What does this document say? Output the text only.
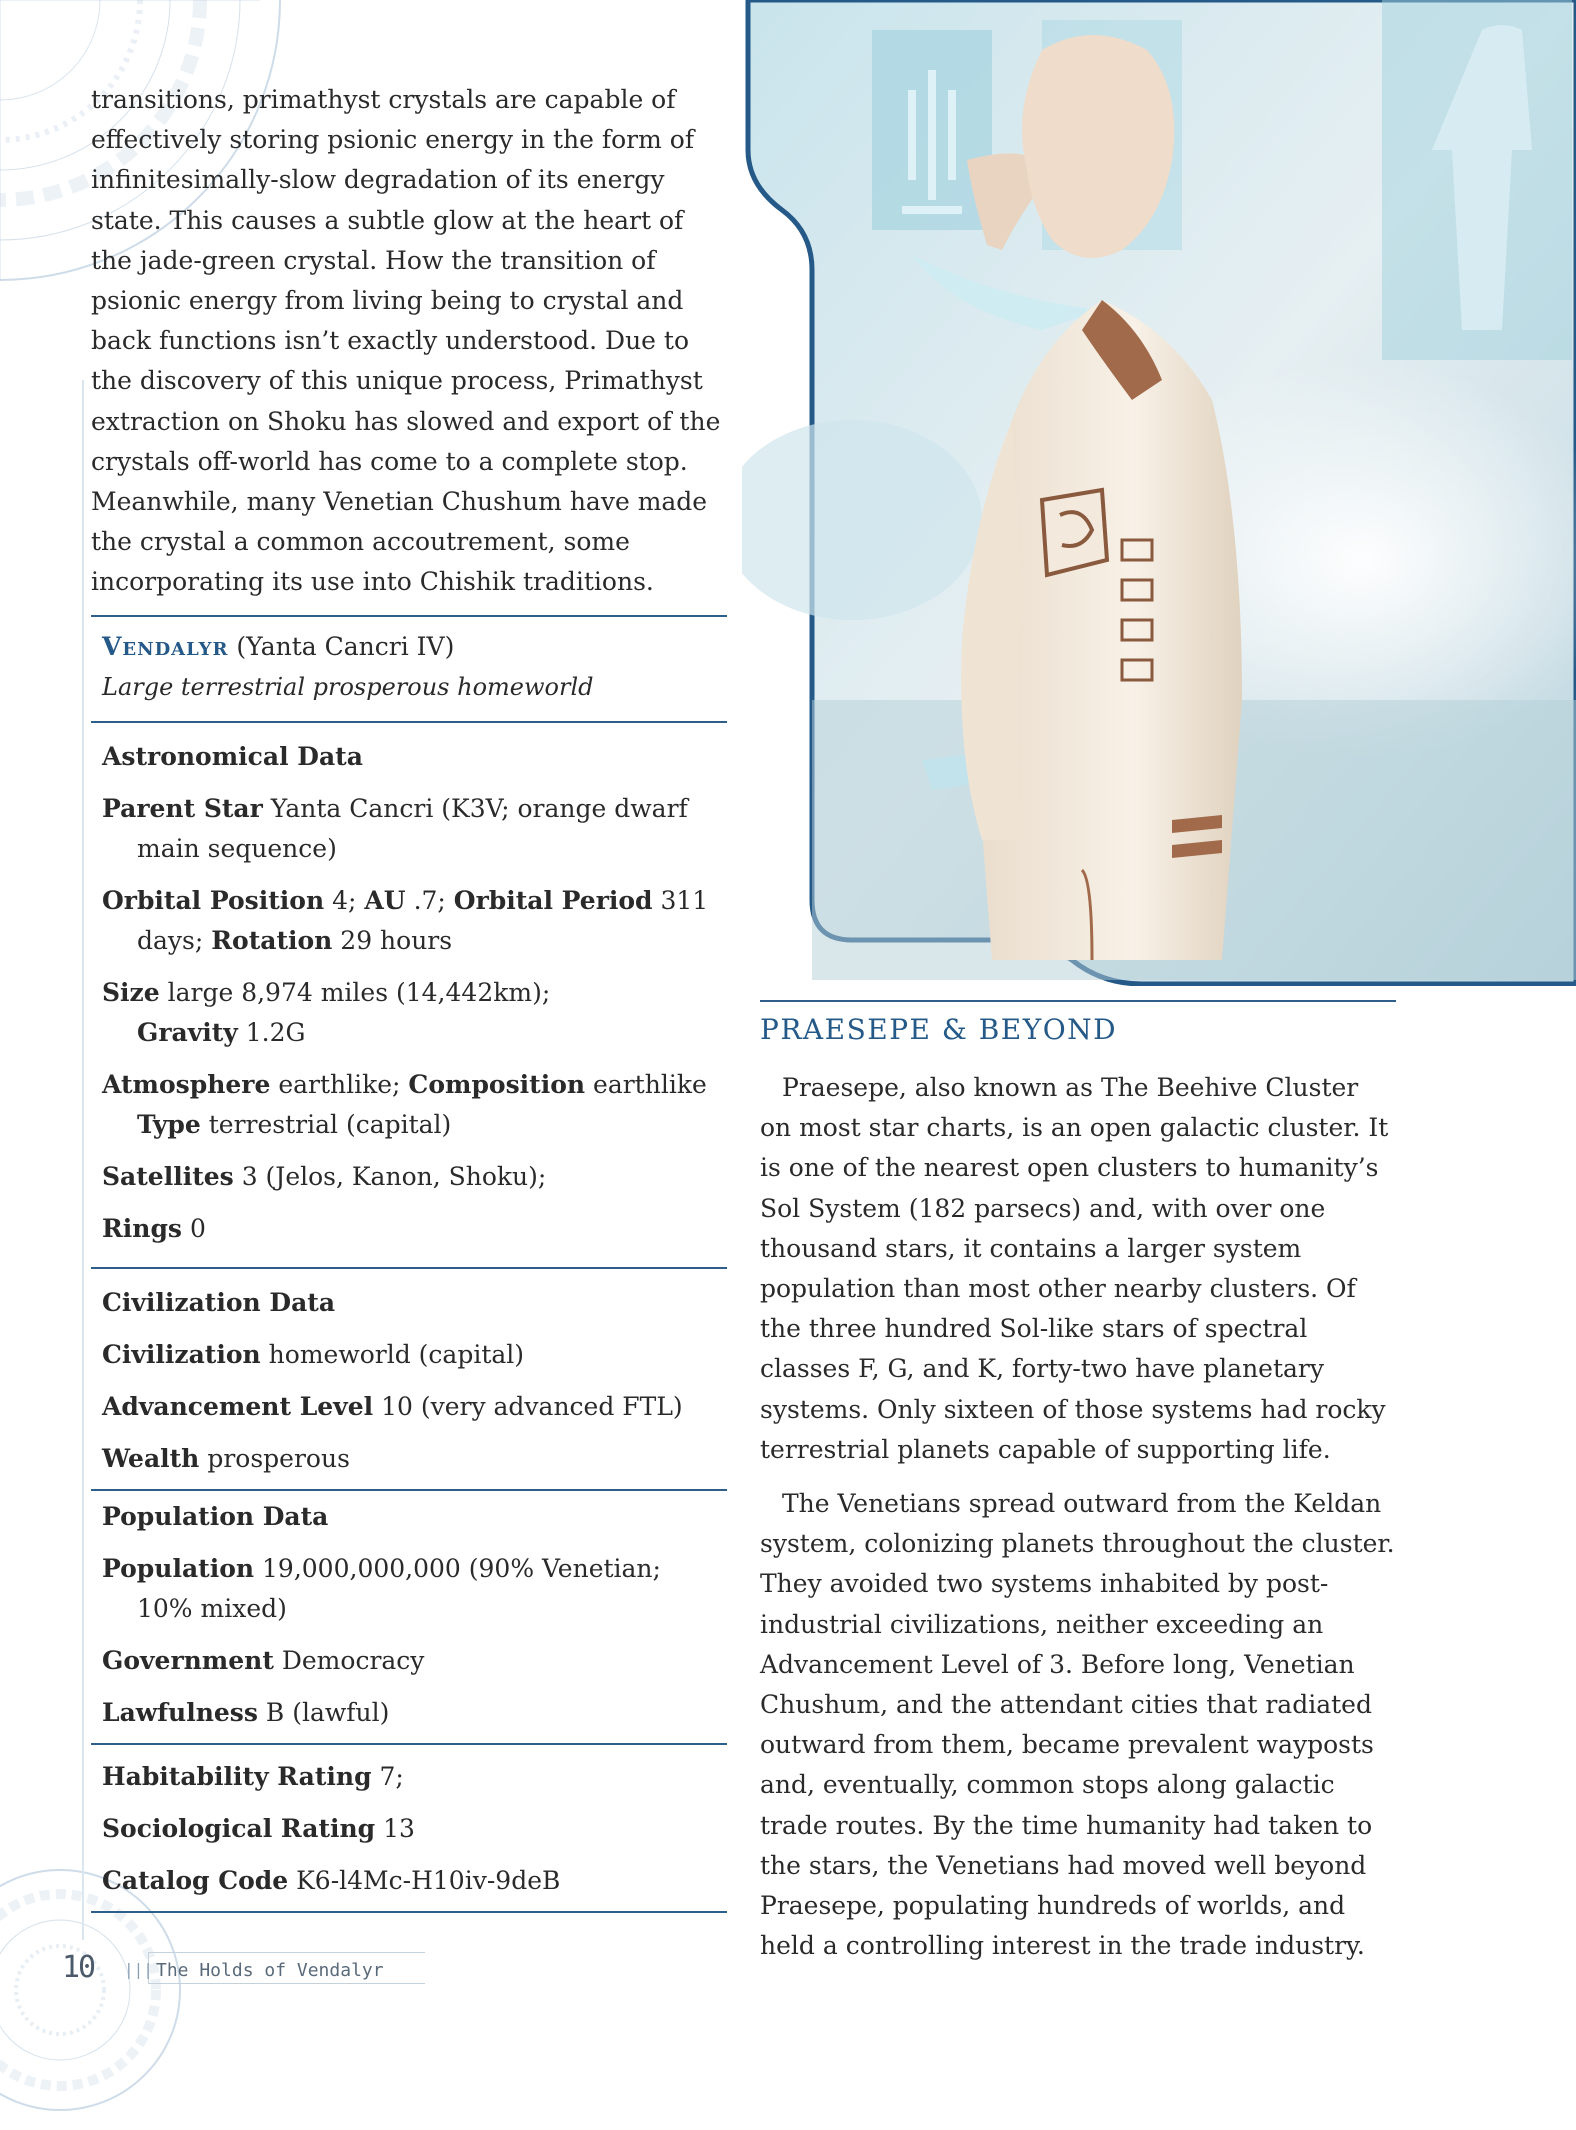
transitions, primathyst crystals are capable of effectively storing psionic energy in the form of infinitesimally-slow degradation of its energy state. This causes a subtle glow at the heart of the jade-green crystal. How the transition of psionic energy from living being to crystal and back functions isn’t exactly understood. Due to the discovery of this unique process, Primathyst extraction on Shoku has slowed and export of the crystals off-world has come to a complete stop. Meanwhile, many Venetian Chushum have made the crystal a common accoutrement, some incorporating its use into Chishik traditions.

Vendalyr (Yanta Cancri IV)
Large terrestrial prosperous homeworld
Astronomical Data
Parent Star Yanta Cancri (K3V; orange dwarf main sequence)
Orbital Position 4; AU .7; Orbital Period 311 days; Rotation 29 hours
Size large 8,974 miles (14,442km);
Gravity 1.2G
Atmosphere earthlike; Composition earthlike
Type terrestrial (capital)
Satellites 3 (Jelos, Kanon, Shoku);
Rings 0
Civilization Data
Civilization homeworld (capital)
Advancement Level 10 (very advanced FTL)
Wealth prosperous
Population Data
Population 19,000,000,000 (90% Venetian; 10% mixed)
Government Democracy
Lawfulness B (lawful)
Habitability Rating 7;
Sociological Rating 13
Catalog Code K6-l4Mc-H10iv-9deB
PRAESEPE & BEYOND

Praesepe, also known as The Beehive Cluster on most star charts, is an open galactic cluster. It is one of the nearest open clusters to humanity’s Sol System (182 parsecs) and, with over one thousand stars, it contains a larger system population than most other nearby clusters. Of the three hundred Sol-like stars of spectral classes F, G, and K, forty-two have planetary systems. Only sixteen of those systems had rocky terrestrial planets capable of supporting life.

The Venetians spread outward from the Keldan system, colonizing planets throughout the cluster. They avoided two systems inhabited by post-industrial civilizations, neither exceeding an Advancement Level of 3. Before long, Venetian Chushum, and the attendant cities that radiated outward from them, became prevalent wayposts and, eventually, common stops along galactic trade routes. By the time humanity had taken to the stars, the Venetians had moved well beyond Praesepe, populating hundreds of worlds, and held a controlling interest in the trade industry.

10 ||| The Holds of Vendalyr
